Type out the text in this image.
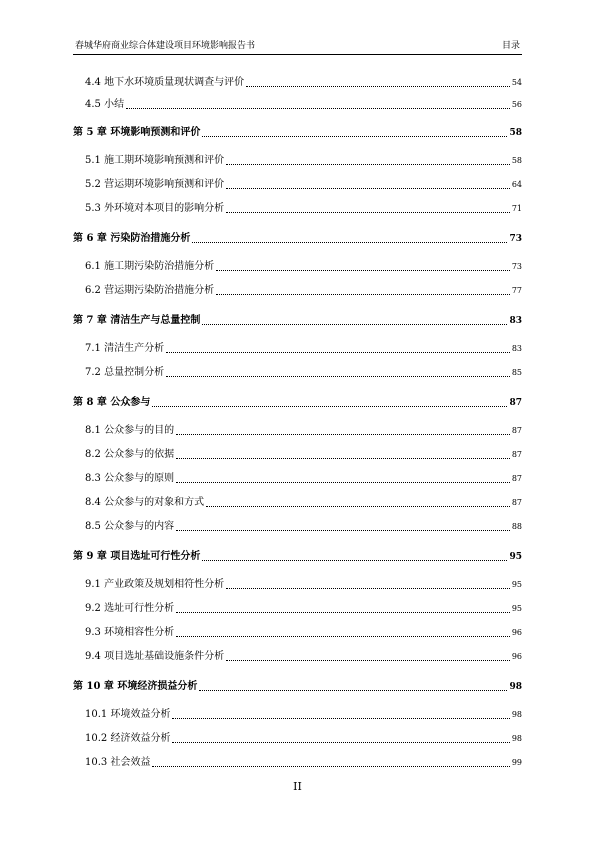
春城华府商业综合体建设项目环境影响报告书	目录
4.4 地下水环境质量现状调查与评价	54
4.5 小结	56
第 5 章 环境影响预测和评价	58
5.1 施工期环境影响预测和评价	58
5.2 营运期环境影响预测和评价	64
5.3 外环境对本项目的影响分析	71
第 6 章 污染防治措施分析	73
6.1 施工期污染防治措施分析	73
6.2 营运期污染防治措施分析	77
第 7 章 清洁生产与总量控制	83
7.1 清洁生产分析	83
7.2 总量控制分析	85
第 8 章 公众参与	87
8.1 公众参与的目的	87
8.2 公众参与的依据	87
8.3 公众参与的原则	87
8.4 公众参与的对象和方式	87
8.5 公众参与的内容	88
第 9 章 项目选址可行性分析	95
9.1 产业政策及规划相符性分析	95
9.2 选址可行性分析	95
9.3 环境相容性分析	96
9.4 项目选址基础设施条件分析	96
第 10 章 环境经济损益分析	98
10.1 环境效益分析	98
10.2 经济效益分析	98
10.3 社会效益	99
II
